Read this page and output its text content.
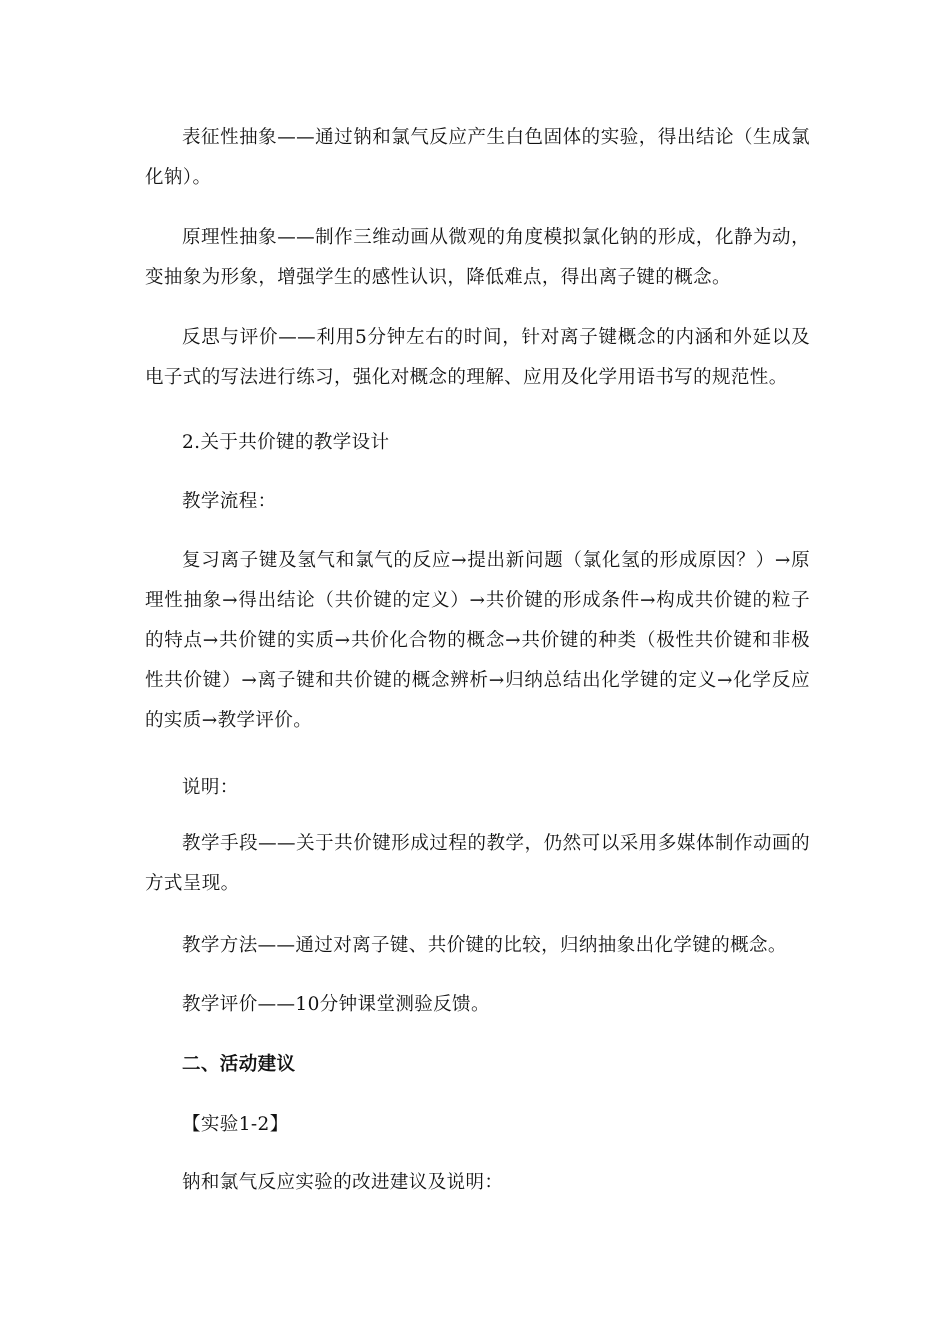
表征性抽象——通过钠和氯气反应产生白色固体的实验，得出结论（生成氯化钠）。

原理性抽象——制作三维动画从微观的角度模拟氯化钠的形成，化静为动，变抽象为形象，增强学生的感性认识，降低难点，得出离子键的概念。

反思与评价——利用5分钟左右的时间，针对离子键概念的内涵和外延以及电子式的写法进行练习，强化对概念的理解、应用及化学用语书写的规范性。

2.关于共价键的教学设计

教学流程：

复习离子键及氢气和氯气的反应→提出新问题（氯化氢的形成原因？）→原理性抽象→得出结论（共价键的定义）→共价键的形成条件→构成共价键的粒子的特点→共价键的实质→共价化合物的概念→共价键的种类（极性共价键和非极性共价键）→离子键和共价键的概念辨析→归纳总结出化学键的定义→化学反应的实质→教学评价。

说明：

教学手段——关于共价键形成过程的教学，仍然可以采用多媒体制作动画的方式呈现。

教学方法——通过对离子键、共价键的比较，归纳抽象出化学键的概念。

教学评价——10分钟课堂测验反馈。

二、活动建议

【实验1-2】

钠和氯气反应实验的改进建议及说明：
